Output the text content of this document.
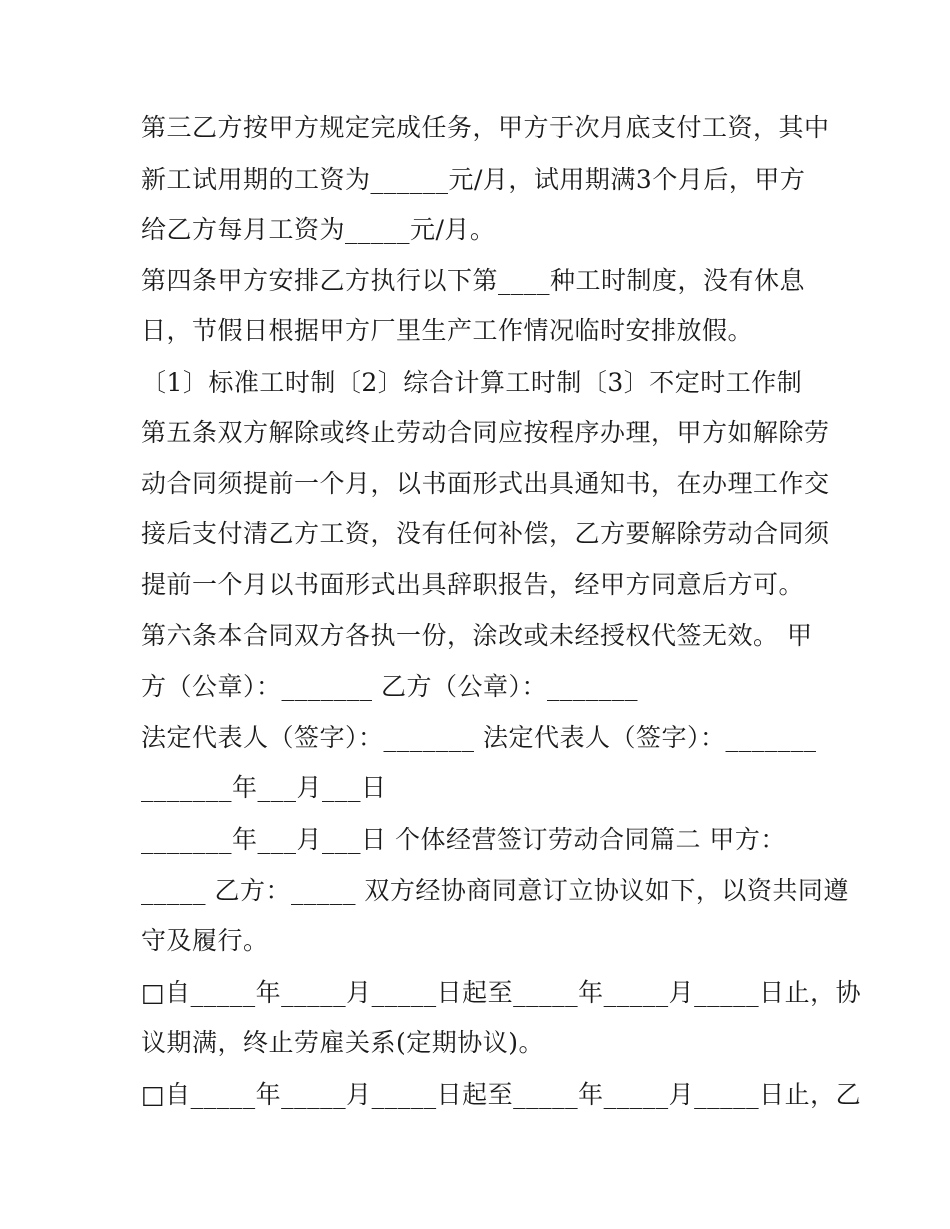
第三乙方按甲方规定完成任务，甲方于次月底支付工资，其中
新工试用期的工资为______元/月，试用期满3个月后，甲方
给乙方每月工资为_____元/月。
第四条甲方安排乙方执行以下第____种工时制度，没有休息
日，节假日根据甲方厂里生产工作情况临时安排放假。
〔1〕标准工时制〔2〕综合计算工时制〔3〕不定时工作制
第五条双方解除或终止劳动合同应按程序办理，甲方如解除劳
动合同须提前一个月，以书面形式出具通知书，在办理工作交
接后支付清乙方工资，没有任何补偿，乙方要解除劳动合同须
提前一个月以书面形式出具辞职报告，经甲方同意后方可。
第六条本合同双方各执一份，涂改或未经授权代签无效。 甲
方（公章）：_______ 乙方（公章）：_______
法定代表人（签字）：_______ 法定代表人（签字）：_______
_______年___月___日
_______年___月___日 个体经营签订劳动合同篇二 甲方：
_____ 乙方：_____ 双方经协商同意订立协议如下，以资共同遵
守及履行。
□自_____年_____月_____日起至_____年_____月_____日止，协
议期满，终止劳雇关系(定期协议)。
□自_____年_____月_____日起至_____年_____月_____日止，乙
